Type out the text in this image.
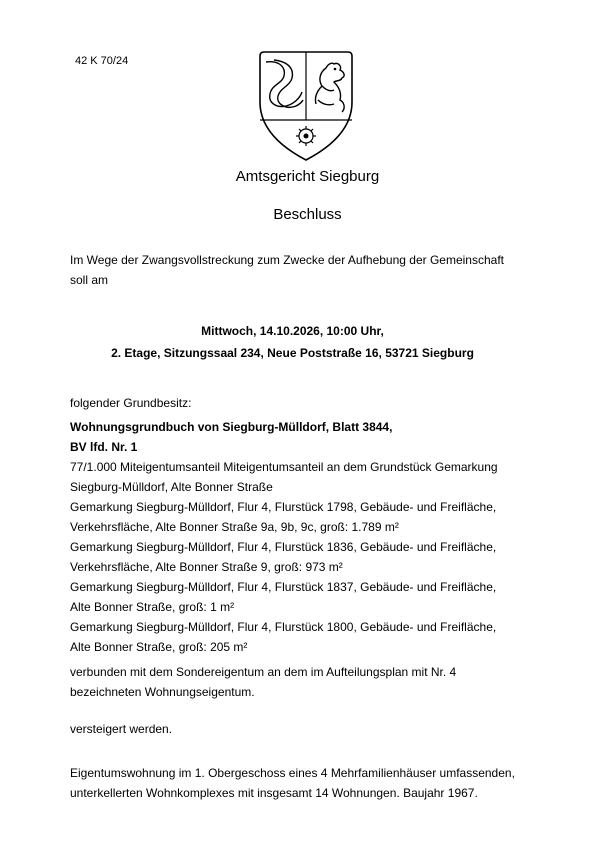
42 K 70/24
Amtsgericht Siegburg
Beschluss
Im Wege der Zwangsvollstreckung zum Zwecke der Aufhebung der Gemeinschaft
soll am
Mittwoch, 14.10.2026, 10:00 Uhr,
2. Etage, Sitzungssaal 234, Neue Poststraße 16, 53721 Siegburg
folgender Grundbesitz:
Wohnungsgrundbuch von Siegburg-Mülldorf, Blatt 3844,
BV lfd. Nr. 1
77/1.000 Miteigentumsanteil Miteigentumsanteil an dem Grundstück Gemarkung
Siegburg-Mülldorf, Alte Bonner Straße
Gemarkung Siegburg-Mülldorf, Flur 4, Flurstück 1798, Gebäude- und Freifläche,
Verkehrsfläche, Alte Bonner Straße 9a, 9b, 9c, groß: 1.789 m²
Gemarkung Siegburg-Mülldorf, Flur 4, Flurstück 1836, Gebäude- und Freifläche,
Verkehrsfläche, Alte Bonner Straße 9, groß: 973 m²
Gemarkung Siegburg-Mülldorf, Flur 4, Flurstück 1837, Gebäude- und Freifläche,
Alte Bonner Straße, groß: 1 m²
Gemarkung Siegburg-Mülldorf, Flur 4, Flurstück 1800, Gebäude- und Freifläche,
Alte Bonner Straße, groß: 205 m²
verbunden mit dem Sondereigentum an dem im Aufteilungsplan mit Nr. 4
bezeichneten Wohnungseigentum.
versteigert werden.
Eigentumswohnung im 1. Obergeschoss eines 4 Mehrfamilienhäuser umfassenden,
unterkellerten Wohnkomplexes mit insgesamt 14 Wohnungen. Baujahr 1967.
